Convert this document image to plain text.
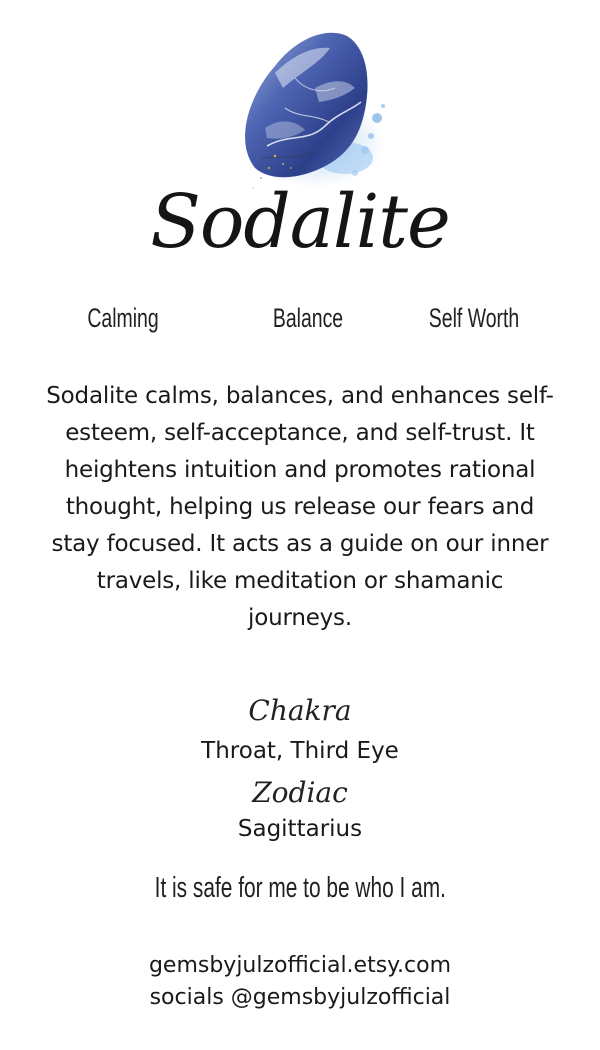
Sodalite
Calming	Balance	Self Worth
Sodalite calms, balances, and enhances self-esteem, self-acceptance, and self-trust. It heightens intuition and promotes rational thought, helping us release our fears and stay focused. It acts as a guide on our inner travels, like meditation or shamanic journeys.
Chakra
Throat, Third Eye
Zodiac
Sagittarius
It is safe for me to be who I am.
gemsbyjulzofficial.etsy.com
socials @gemsbyjulzofficial
